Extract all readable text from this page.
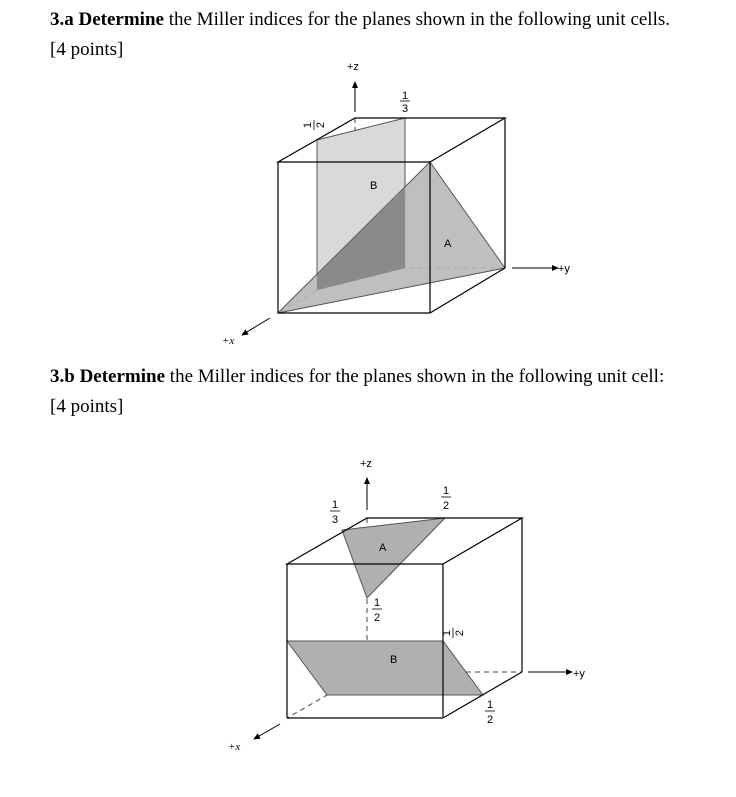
3.a Determine the Miller indices for the planes shown in the following unit cells.
[4 points]
3.b Determine the Miller indices for the planes shown in the following unit cell:
[4 points]
+z
+y
+x
A
B
1 2
1
3
+z
+y
+x
A
B
1
3
1
2
1
2
1 2
1
2
